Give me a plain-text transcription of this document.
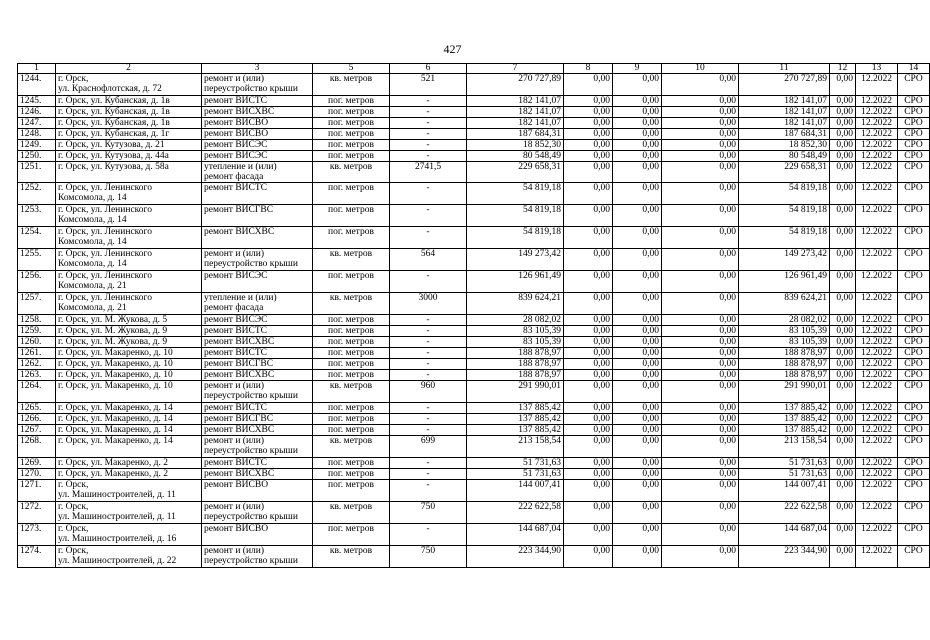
427
1	2	3	5	6	7	8	9	10	11	12	13	14
1244.	г. Орск,
ул. Краснофлотская, д. 72	ремонт и (или)
переустройство крыши	кв. метров	521	270 727,89	0,00	0,00	0,00	270 727,89	0,00	12.2022	СРО
1245.	г. Орск, ул. Кубанская, д. 1в	ремонт ВИСТС	пог. метров	-	182 141,07	0,00	0,00	0,00	182 141,07	0,00	12.2022	СРО
1246.	г. Орск, ул. Кубанская, д. 1в	ремонт ВИСХВС	пог. метров	-	182 141,07	0,00	0,00	0,00	182 141,07	0,00	12.2022	СРО
1247.	г. Орск, ул. Кубанская, д. 1в	ремонт ВИСВО	пог. метров	-	182 141,07	0,00	0,00	0,00	182 141,07	0,00	12.2022	СРО
1248.	г. Орск, ул. Кубанская, д. 1г	ремонт ВИСВО	пог. метров	-	187 684,31	0,00	0,00	0,00	187 684,31	0,00	12.2022	СРО
1249.	г. Орск, ул. Кутузова, д. 21	ремонт ВИСЭС	пог. метров	-	18 852,30	0,00	0,00	0,00	18 852,30	0,00	12.2022	СРО
1250.	г. Орск, ул. Кутузова, д. 44а	ремонт ВИСЭС	пог. метров	-	80 548,49	0,00	0,00	0,00	80 548,49	0,00	12.2022	СРО
1251.	г. Орск, ул. Кутузова, д. 58а	утепление и (или)
ремонт фасада	кв. метров	2741,5	229 658,31	0,00	0,00	0,00	229 658,31	0,00	12.2022	СРО
1252.	г. Орск, ул. Ленинского
Комсомола, д. 14	ремонт ВИСТС	пог. метров	-	54 819,18	0,00	0,00	0,00	54 819,18	0,00	12.2022	СРО
1253.	г. Орск, ул. Ленинского
Комсомола, д. 14	ремонт ВИСГВС	пог. метров	-	54 819,18	0,00	0,00	0,00	54 819,18	0,00	12.2022	СРО
1254.	г. Орск, ул. Ленинского
Комсомола, д. 14	ремонт ВИСХВС	пог. метров	-	54 819,18	0,00	0,00	0,00	54 819,18	0,00	12.2022	СРО
1255.	г. Орск, ул. Ленинского
Комсомола, д. 14	ремонт и (или)
переустройство крыши	кв. метров	564	149 273,42	0,00	0,00	0,00	149 273,42	0,00	12.2022	СРО
1256.	г. Орск, ул. Ленинского
Комсомола, д. 21	ремонт ВИСЭС	пог. метров	-	126 961,49	0,00	0,00	0,00	126 961,49	0,00	12.2022	СРО
1257.	г. Орск, ул. Ленинского
Комсомола, д. 21	утепление и (или)
ремонт фасада	кв. метров	3000	839 624,21	0,00	0,00	0,00	839 624,21	0,00	12.2022	СРО
1258.	г. Орск, ул. М. Жукова, д. 5	ремонт ВИСЭС	пог. метров	-	28 082,02	0,00	0,00	0,00	28 082,02	0,00	12.2022	СРО
1259.	г. Орск, ул. М. Жукова, д. 9	ремонт ВИСТС	пог. метров	-	83 105,39	0,00	0,00	0,00	83 105,39	0,00	12.2022	СРО
1260.	г. Орск, ул. М. Жукова, д. 9	ремонт ВИСХВС	пог. метров	-	83 105,39	0,00	0,00	0,00	83 105,39	0,00	12.2022	СРО
1261.	г. Орск, ул. Макаренко, д. 10	ремонт ВИСТС	пог. метров	-	188 878,97	0,00	0,00	0,00	188 878,97	0,00	12.2022	СРО
1262.	г. Орск, ул. Макаренко, д. 10	ремонт ВИСГВС	пог. метров	-	188 878,97	0,00	0,00	0,00	188 878,97	0,00	12.2022	СРО
1263.	г. Орск, ул. Макаренко, д. 10	ремонт ВИСХВС	пог. метров	-	188 878,97	0,00	0,00	0,00	188 878,97	0,00	12.2022	СРО
1264.	г. Орск, ул. Макаренко, д. 10	ремонт и (или)
переустройство крыши	кв. метров	960	291 990,01	0,00	0,00	0,00	291 990,01	0,00	12.2022	СРО
1265.	г. Орск, ул. Макаренко, д. 14	ремонт ВИСТС	пог. метров	-	137 885,42	0,00	0,00	0,00	137 885,42	0,00	12.2022	СРО
1266.	г. Орск, ул. Макаренко, д. 14	ремонт ВИСГВС	пог. метров	-	137 885,42	0,00	0,00	0,00	137 885,42	0,00	12.2022	СРО
1267.	г. Орск, ул. Макаренко, д. 14	ремонт ВИСХВС	пог. метров	-	137 885,42	0,00	0,00	0,00	137 885,42	0,00	12.2022	СРО
1268.	г. Орск, ул. Макаренко, д. 14	ремонт и (или)
переустройство крыши	кв. метров	699	213 158,54	0,00	0,00	0,00	213 158,54	0,00	12.2022	СРО
1269.	г. Орск, ул. Макаренко, д. 2	ремонт ВИСТС	пог. метров	-	51 731,63	0,00	0,00	0,00	51 731,63	0,00	12.2022	СРО
1270.	г. Орск, ул. Макаренко, д. 2	ремонт ВИСХВС	пог. метров	-	51 731,63	0,00	0,00	0,00	51 731,63	0,00	12.2022	СРО
1271.	г. Орск,
ул. Машиностроителей, д. 11	ремонт ВИСВО	пог. метров	-	144 007,41	0,00	0,00	0,00	144 007,41	0,00	12.2022	СРО
1272.	г. Орск,
ул. Машиностроителей, д. 11	ремонт и (или)
переустройство крыши	кв. метров	750	222 622,58	0,00	0,00	0,00	222 622,58	0,00	12.2022	СРО
1273.	г. Орск,
ул. Машиностроителей, д. 16	ремонт ВИСВО	пог. метров	-	144 687,04	0,00	0,00	0,00	144 687,04	0,00	12.2022	СРО
1274.	г. Орск,
ул. Машиностроителей, д. 22	ремонт и (или)
переустройство крыши	кв. метров	750	223 344,90	0,00	0,00	0,00	223 344,90	0,00	12.2022	СРО
